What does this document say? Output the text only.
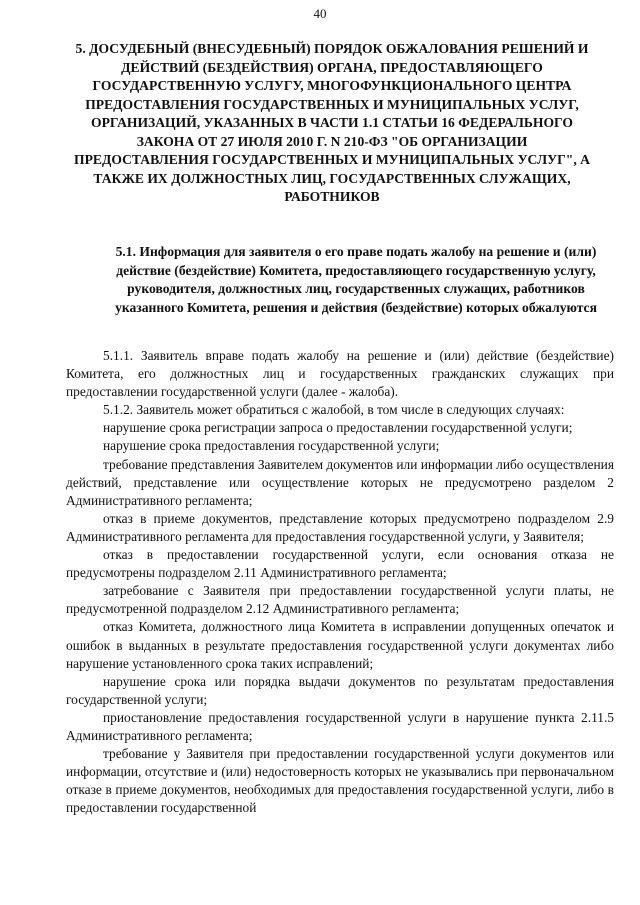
40
5. ДОСУДЕБНЫЙ (ВНЕСУДЕБНЫЙ) ПОРЯДОК ОБЖАЛОВАНИЯ РЕШЕНИЙ И ДЕЙСТВИЙ (БЕЗДЕЙСТВИЯ) ОРГАНА, ПРЕДОСТАВЛЯЮЩЕГО ГОСУДАРСТВЕННУЮ УСЛУГУ, МНОГОФУНКЦИОНАЛЬНОГО ЦЕНТРА ПРЕДОСТАВЛЕНИЯ ГОСУДАРСТВЕННЫХ И МУНИЦИПАЛЬНЫХ УСЛУГ, ОРГАНИЗАЦИЙ, УКАЗАННЫХ В ЧАСТИ 1.1 СТАТЬИ 16 ФЕДЕРАЛЬНОГО ЗАКОНА ОТ 27 ИЮЛЯ 2010 Г. N 210-ФЗ "ОБ ОРГАНИЗАЦИИ ПРЕДОСТАВЛЕНИЯ ГОСУДАРСТВЕННЫХ И МУНИЦИПАЛЬНЫХ УСЛУГ", А ТАКЖЕ ИХ ДОЛЖНОСТНЫХ ЛИЦ, ГОСУДАРСТВЕННЫХ СЛУЖАЩИХ, РАБОТНИКОВ
5.1. Информация для заявителя о его праве подать жалобу на решение и (или) действие (бездействие) Комитета, предоставляющего государственную услугу, руководителя, должностных лиц, государственных служащих, работников указанного Комитета, решения и действия (бездействие) которых обжалуются

5.1.1. Заявитель вправе подать жалобу на решение и (или) действие (бездействие) Комитета, его должностных лиц и государственных гражданских служащих при предоставлении государственной услуги (далее - жалоба).

5.1.2. Заявитель может обратиться с жалобой, в том числе в следующих случаях:

нарушение срока регистрации запроса о предоставлении государственной услуги;

нарушение срока предоставления государственной услуги;

требование представления Заявителем документов или информации либо осуществления действий, представление или осуществление которых не предусмотрено разделом 2 Административного регламента;

отказ в приеме документов, представление которых предусмотрено подразделом 2.9 Административного регламента для предоставления государственной услуги, у Заявителя;

отказ в предоставлении государственной услуги, если основания отказа не предусмотрены подразделом 2.11 Административного регламента;

затребование с Заявителя при предоставлении государственной услуги платы, не предусмотренной подразделом 2.12 Административного регламента;

отказ Комитета, должностного лица Комитета в исправлении допущенных опечаток и ошибок в выданных в результате предоставления государственной услуги документах либо нарушение установленного срока таких исправлений;

нарушение срока или порядка выдачи документов по результатам предоставления государственной услуги;

приостановление предоставления государственной услуги в нарушение пункта 2.11.5 Административного регламента;

требование у Заявителя при предоставлении государственной услуги документов или информации, отсутствие и (или) недостоверность которых не указывались при первоначальном отказе в приеме документов, необходимых для предоставления государственной услуги, либо в предоставлении государственной
